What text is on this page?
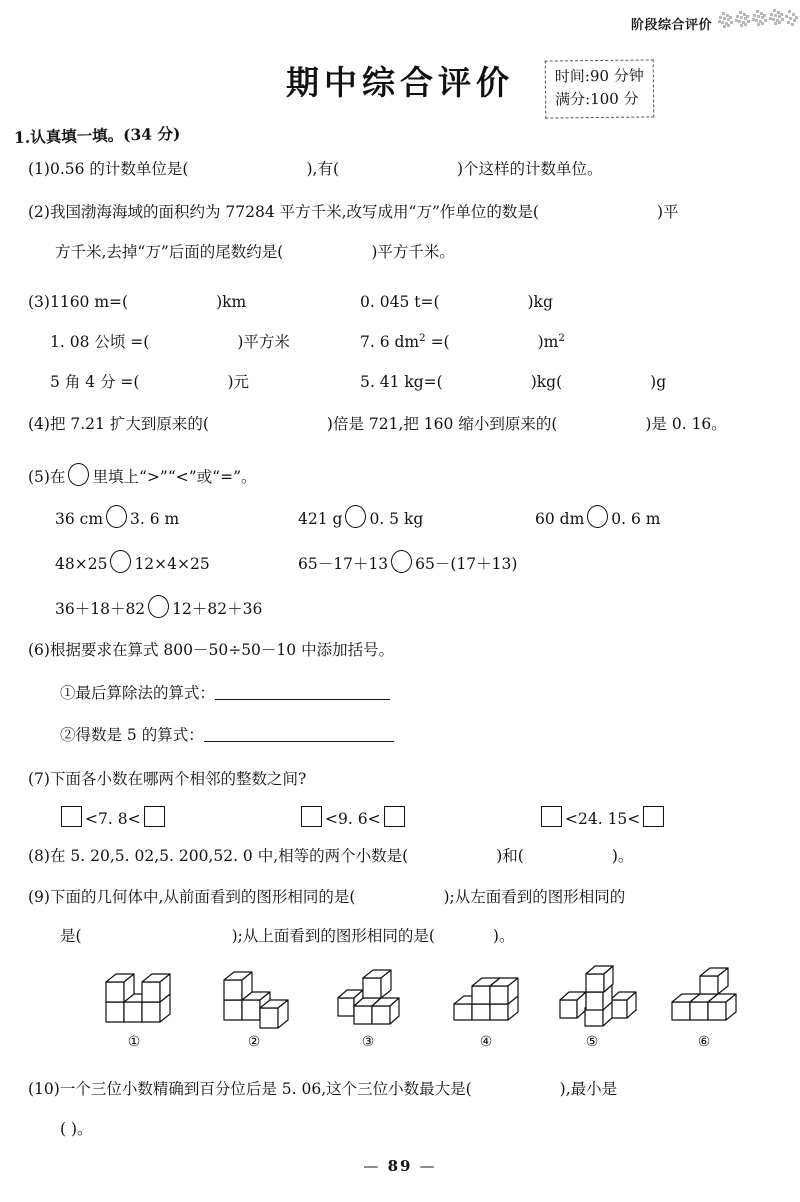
阶段综合评价
期中综合评价	时间:90 分钟
满分:100 分
1.认真填一填。(34 分)
(1)0.56 的计数单位是(	),有(	)个这样的计数单位。
(2)我国渤海海域的面积约为 77284 平方千米,改写成用“万”作单位的数是(	)平
方千米,去掉“万”后面的尾数约是(	)平方千米。
(3)1160 m=(	)km	0. 045 t=(	)kg
1. 08 公顷 =(	)平方米	7. 6 $dm^2$ =(	)$m^2$
5 角 4 分 =(	)元	5. 41 kg=(	)kg(	)g
(4)把 7.21 扩大到原来的(	)倍是 721,把 160 缩小到原来的(	)是 0. 16。
(5)在 里填上“>”“<”或“=”。
36 cm 3. 6 m	421 g 0. 5 kg	60 dm 0. 6 m
48×25 12×4×25	65－17＋13 65－(17＋13)
36＋18＋82 12＋82＋36
(6)根据要求在算式 800－50÷50－10 中添加括号。
①最后算除法的算式：
②得数是 5 的算式：
(7)下面各小数在哪两个相邻的整数之间?
<7. 8<	<9. 6<	<24. 15<
(8)在 5. 20,5. 02,5. 200,52. 0 中,相等的两个小数是(	)和(	)。
(9)下面的几何体中,从前面看到的图形相同的是(	);从左面看到的图形相同的
是(	);从上面看到的图形相同的是(	)。
①	②	③	④	⑤	⑥
(10)一个三位小数精确到百分位后是 5. 06,这个三位小数最大是(	),最小是
( )。
— 89 —
